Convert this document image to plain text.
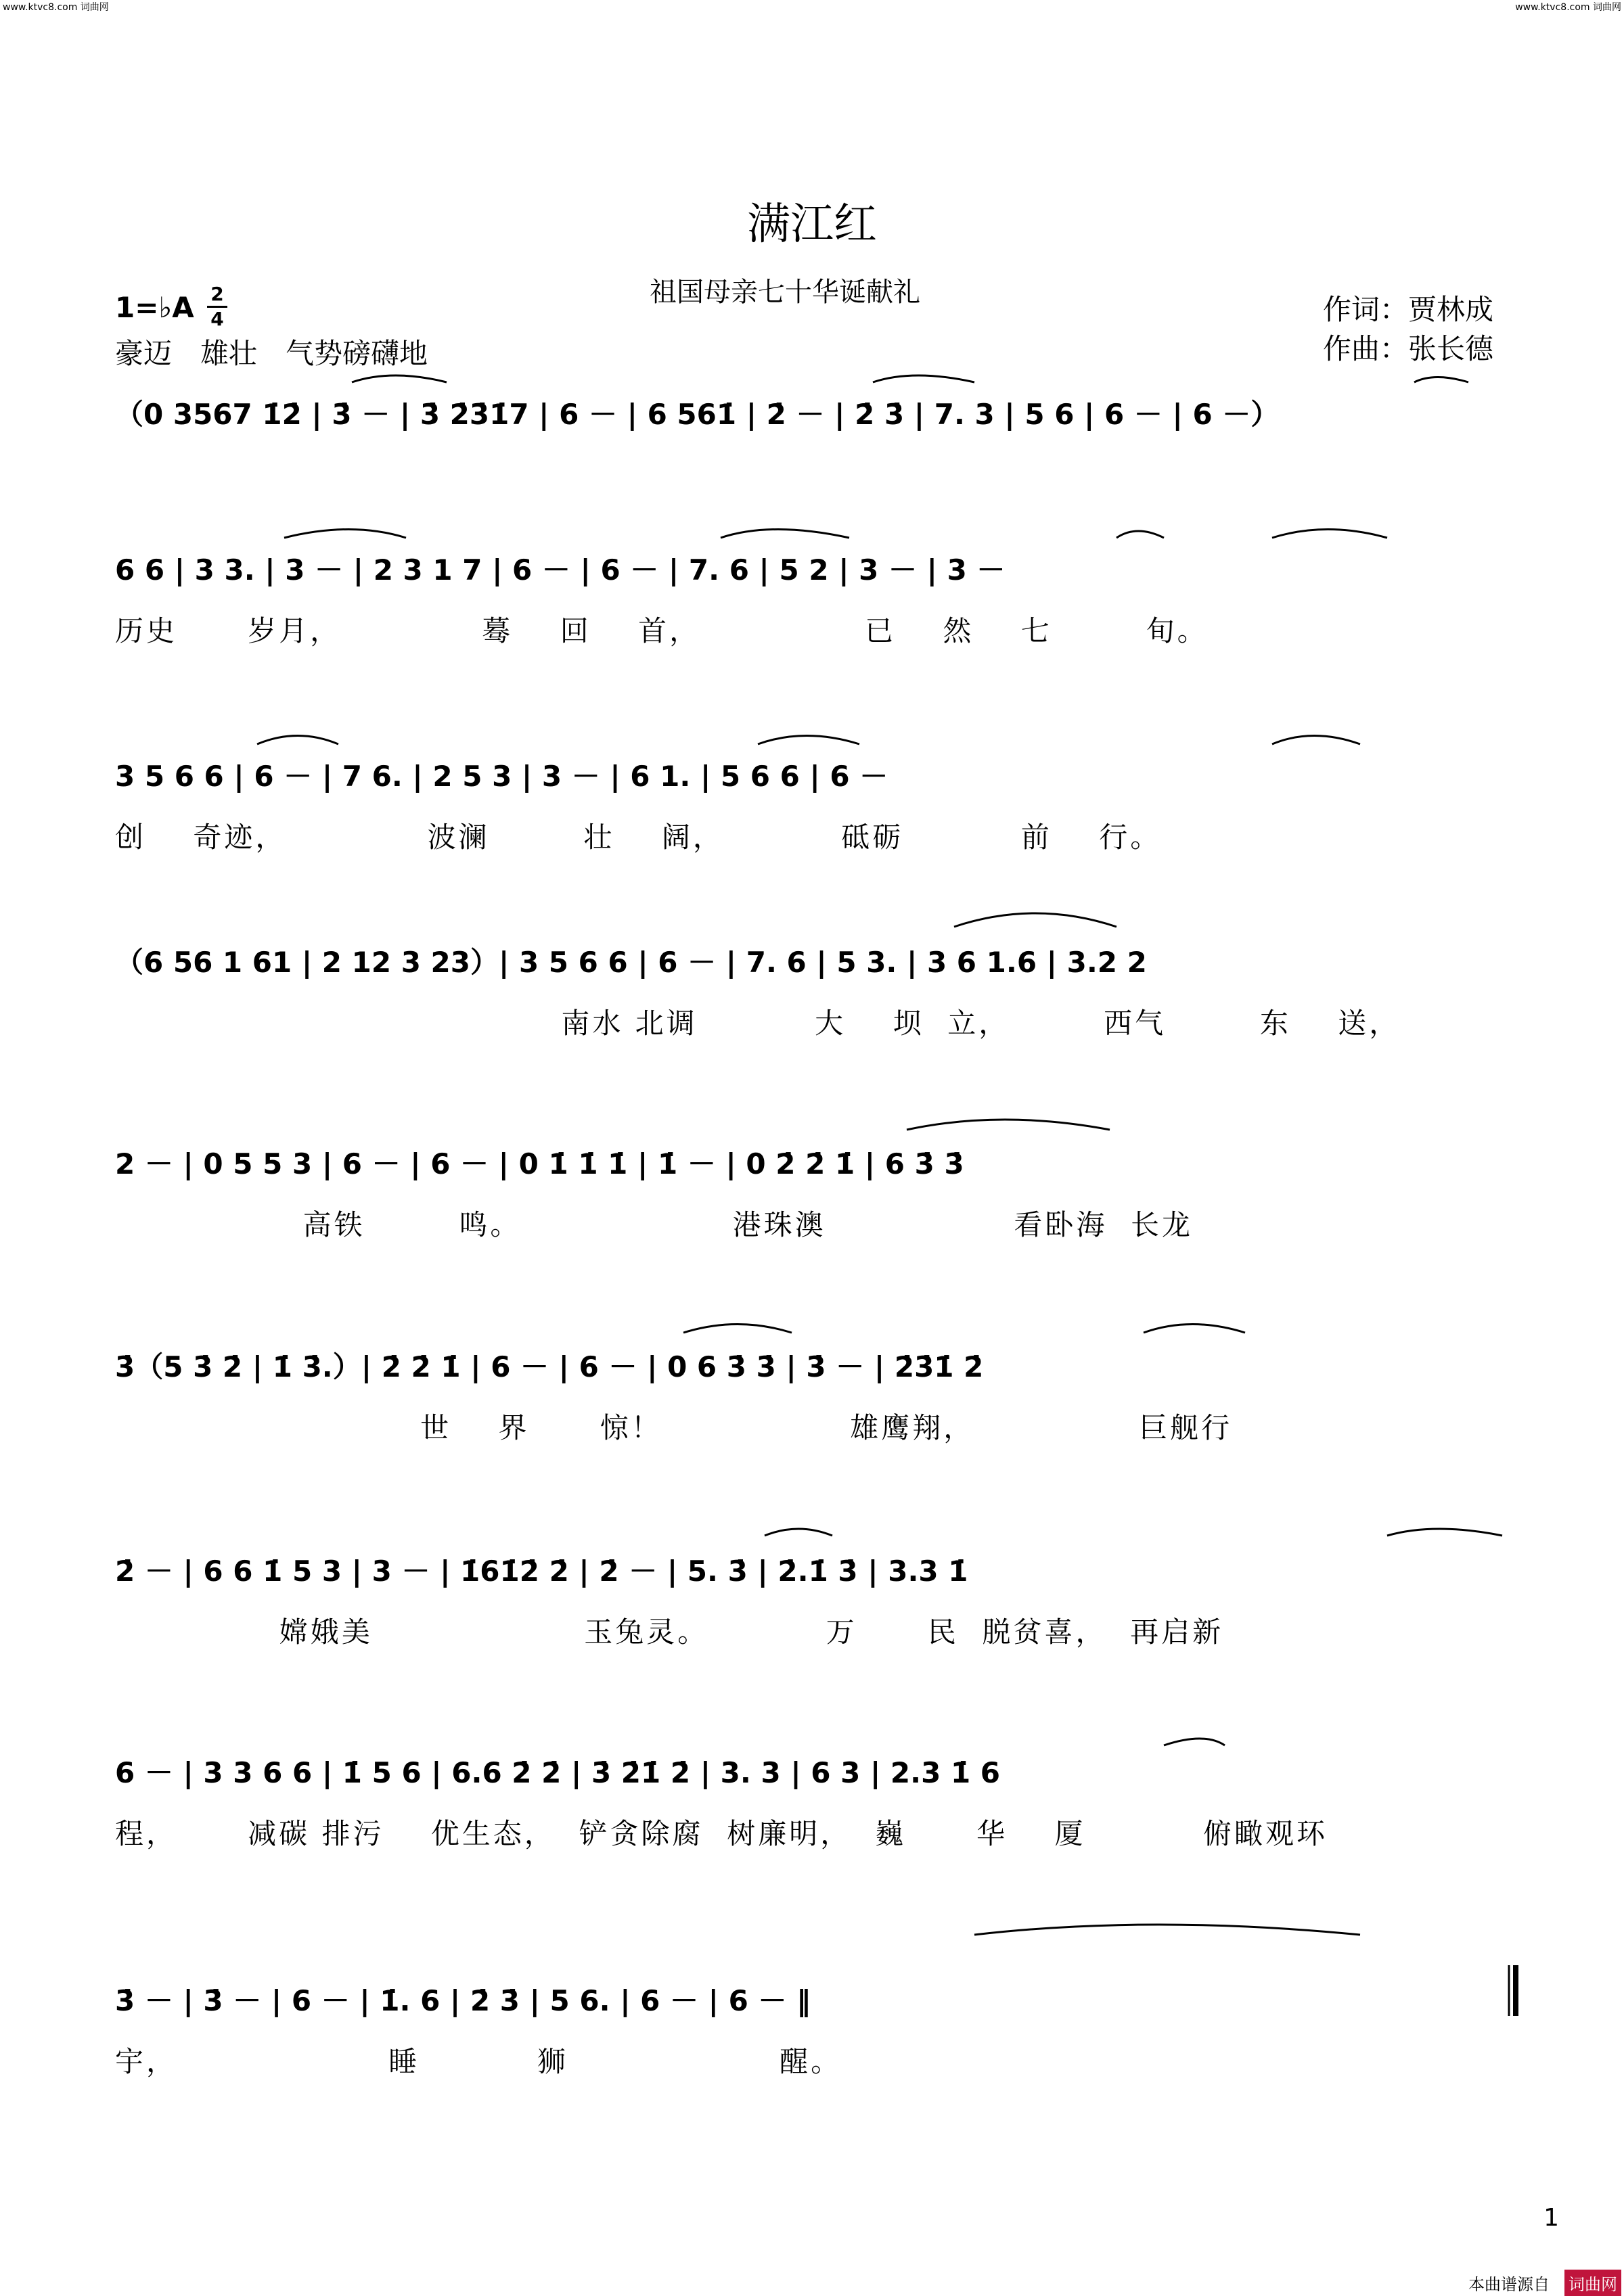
www.ktvc8.com 词曲网	www.ktvc8.com 词曲网
满江红
祖国母亲七十华诞献礼
1=♭A 2
4
豪迈　雄壮　气势磅礴地
作词：贾林成
作曲：张长德
（0 3567 1̇2̇ | 3̇ － | 3̇ 2̇3̇1̇7 | 6 － | 6 561̇ | 2̇ － | 2̇ 3̇ | 7. 3 | 5 6 | 6 － | 6 －）
6 6 | 3 3. | 3 － | 2 3 1 7 | 6 － | 6 － | 7. 6 | 5 2 | 3 － | 3 －
历史      岁月，            蓦    回    首，              已    然    七        旬。
3 5 6 6 | 6 － | 7 6. | 2 5 3 | 3 － | 6 1. | 5 6 6 | 6 －
创    奇迹，            波澜        壮    阔，          砥砺          前    行。
（6 56 1 61 | 2 12 3 23）| 3 5 6 6 | 6 － | 7. 6 | 5 3. | 3 6 1.6 | 3.2 2
南水 北调          大    坝  立，        西气        东    送，
2 － | 0 5 5 3 | 6 － | 6 － | 0 1̇ 1̇ 1̇ | 1̇ － | 0 2̇ 2̇ 1̇ | 6 3̇ 3̇
高铁        鸣。                  港珠澳                看卧海  长龙
3̇（5 3̇ 2̇ | 1̇ 3̇.）| 2̇ 2̇ 1̇ | 6 － | 6 － | 0 6 3̇ 3̇ | 3̇ － | 2̇3̇1̇ 2̇
世    界      惊！                雄鹰翔，              巨舰行
2̇ － | 6 6 1̇ 5 3 | 3 － | 1̇61̇2̇ 2̇ | 2̇ － | 5. 3̇ | 2̇.1̇ 3̇ | 3.3 1̇
嫦娥美                  玉兔灵。          万      民  脱贫喜，  再启新
6 － | 3 3 6 6 | 1̇ 5 6 | 6.6 2̇ 2̇ | 3̇ 2̇1̇ 2̇ | 3. 3 | 6 3 | 2.3 1̇ 6
程，      减碳 排污    优生态，  铲贪除腐  树廉明，  巍      华    厦          俯瞰观环
3̇ － | 3̇ － | 6 － | 1̇. 6 | 2̇ 3̇ | 5 6. | 6 － | 6 － ‖
宇，                  睡          狮                  醒。
1
本曲谱源自 词曲网
